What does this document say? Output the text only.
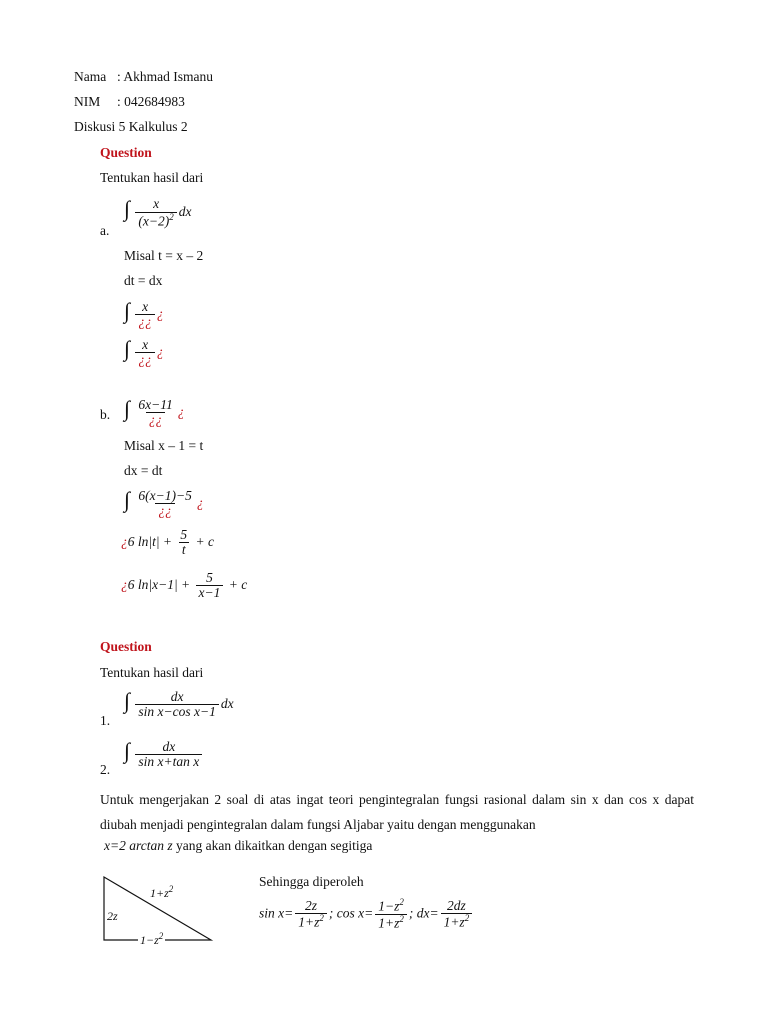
Nama : Akhmad Ismanu
NIM : 042684983
Diskusi 5 Kalkulus 2
Question
Tentukan hasil dari
a.
∫ $\frac{x}{(x-2)^2}$ dx
Misal t = x – 2
dt = dx
∫ $\frac{x}{¿¿}$ ¿
∫ $\frac{x}{¿¿}$ ¿
b. ∫ $\frac{6x-11}{¿¿}$ ¿
Misal x – 1 = t
dx = dt
∫ $\frac{6(x-1)-5}{¿¿}$ ¿
¿6 $\ln|t| + \frac{5}{t} + c$
¿6 $\ln|x-1| + \frac{5}{x-1} + c$
Question
Tentukan hasil dari
1.
∫ $\frac{dx}{\text{sin x−cos x−1}}$ dx
2.
∫ $\frac{dx}{\text{sin x+tan x}}$
Untuk mengerjakan 2 soal di atas ingat teori pengintegralan fungsi rasional dalam sin x dan cos x dapat diubah menjadi pengintegralan dalam fungsi Aljabar yaitu dengan menggunakan
x=2 arctan z yang akan dikaitkan dengan segitiga
$1+z^2$
2z
$1-z^2$
Sehingga diperoleh
$\sin x= \frac{2z}{1+z^2}$ ; $\cos x= \frac{1-z^2}{1+z^2}$ ; $dx= \frac{2dz}{1+z^2}$
